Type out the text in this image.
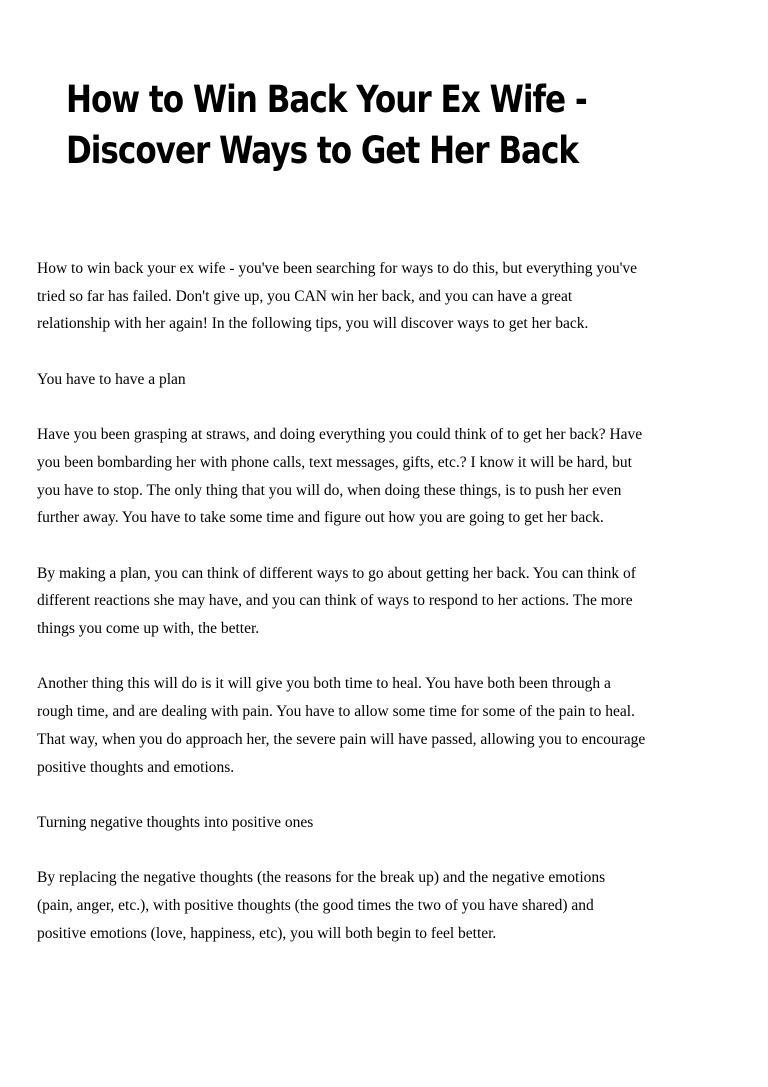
How to Win Back Your Ex Wife -
Discover Ways to Get Her Back

How to win back your ex wife - you've been searching for ways to do this, but everything you've
tried so far has failed. Don't give up, you CAN win her back, and you can have a great
relationship with her again! In the following tips, you will discover ways to get her back.

You have to have a plan

Have you been grasping at straws, and doing everything you could think of to get her back? Have
you been bombarding her with phone calls, text messages, gifts, etc.? I know it will be hard, but
you have to stop. The only thing that you will do, when doing these things, is to push her even
further away. You have to take some time and figure out how you are going to get her back.

By making a plan, you can think of different ways to go about getting her back. You can think of
different reactions she may have, and you can think of ways to respond to her actions. The more
things you come up with, the better.

Another thing this will do is it will give you both time to heal. You have both been through a
rough time, and are dealing with pain. You have to allow some time for some of the pain to heal.
That way, when you do approach her, the severe pain will have passed, allowing you to encourage
positive thoughts and emotions.

Turning negative thoughts into positive ones

By replacing the negative thoughts (the reasons for the break up) and the negative emotions
(pain, anger, etc.), with positive thoughts (the good times the two of you have shared) and
positive emotions (love, happiness, etc), you will both begin to feel better.
